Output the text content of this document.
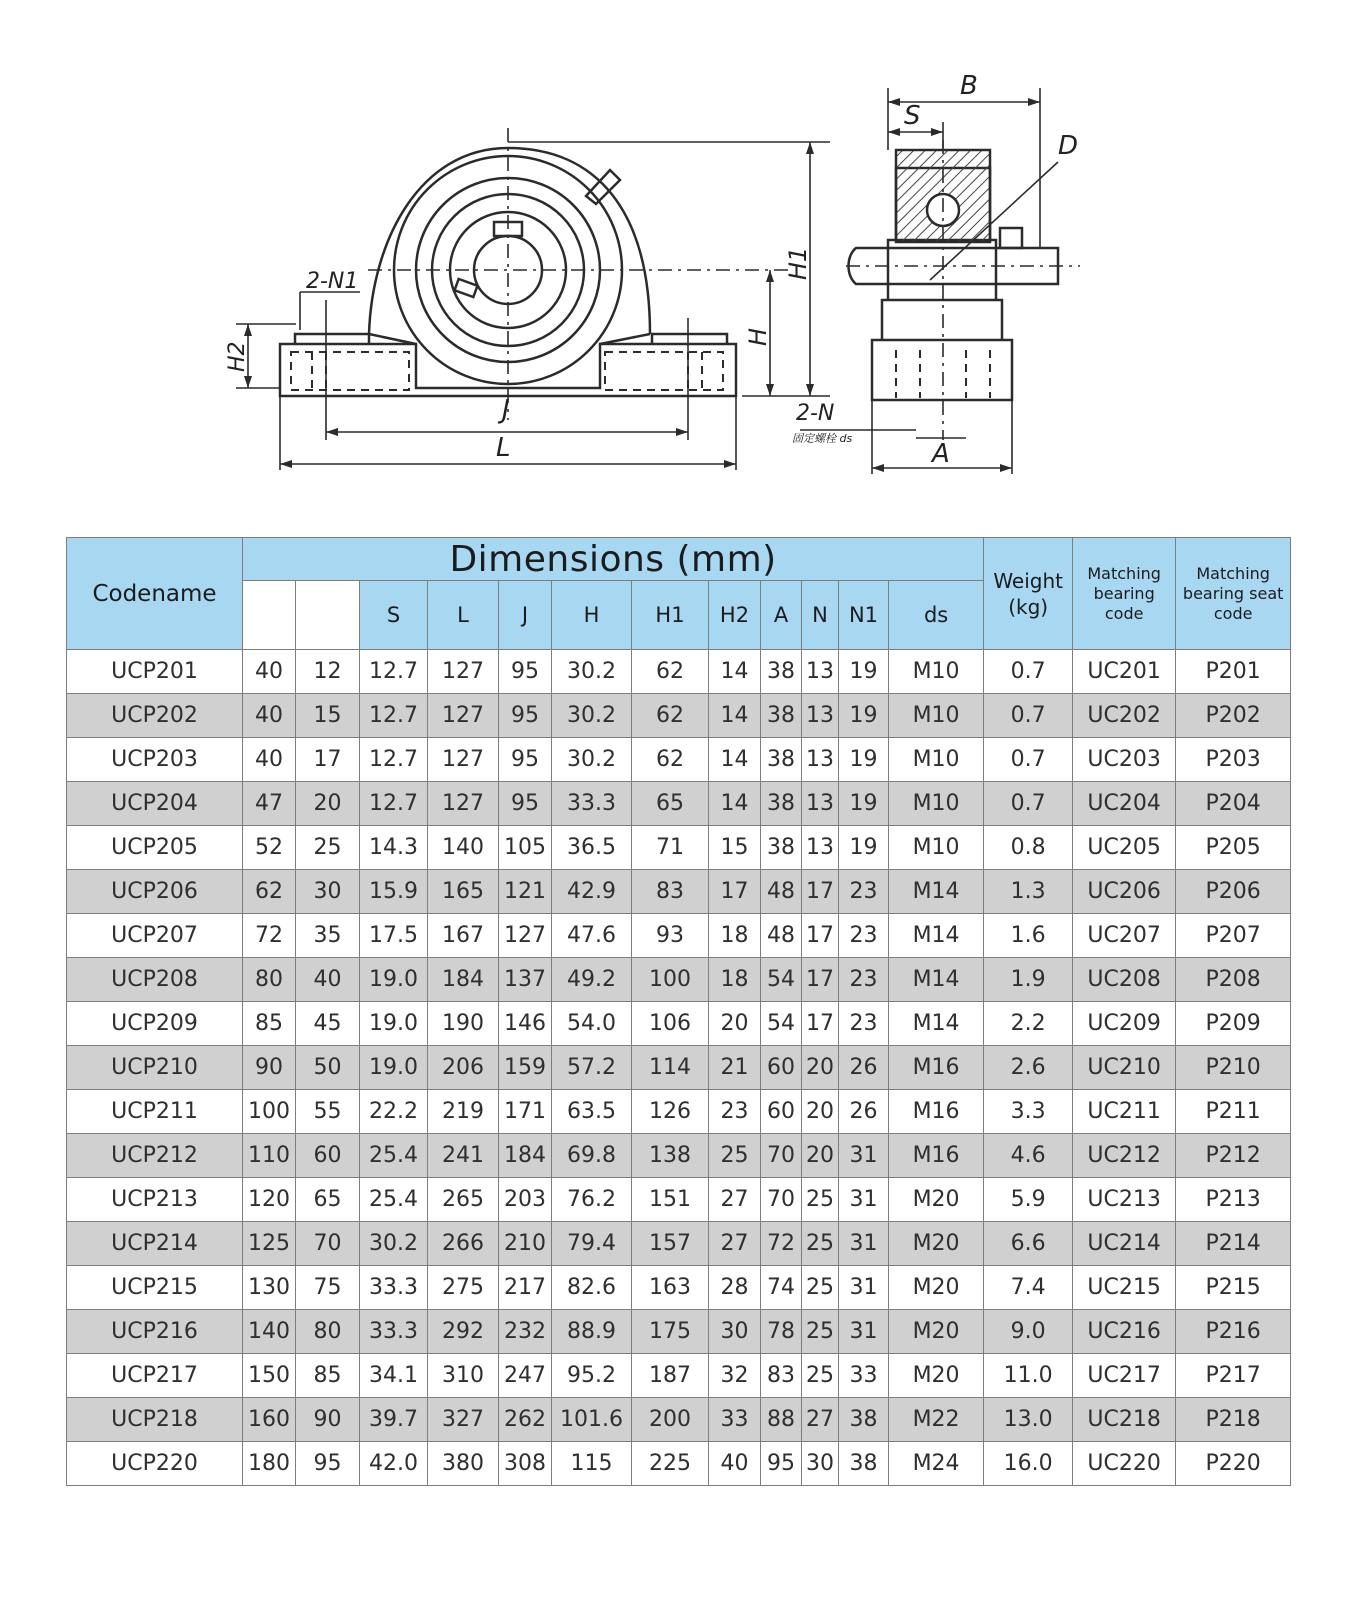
2-N1
H2
H
H1
J
L
B
S
D
2-N
固定螺栓 ds
A
Codename	Dimensions (mm)												Weight
(kg)	Matching bearing code	Matching bearing seat code
			S	L	J	H	H1	H2	A	N	N1	ds			
UCP201	40	12	12.7	127	95	30.2	62	14	38	13	19	M10	0.7	UC201	P201
UCP202	40	15	12.7	127	95	30.2	62	14	38	13	19	M10	0.7	UC202	P202
UCP203	40	17	12.7	127	95	30.2	62	14	38	13	19	M10	0.7	UC203	P203
UCP204	47	20	12.7	127	95	33.3	65	14	38	13	19	M10	0.7	UC204	P204
UCP205	52	25	14.3	140	105	36.5	71	15	38	13	19	M10	0.8	UC205	P205
UCP206	62	30	15.9	165	121	42.9	83	17	48	17	23	M14	1.3	UC206	P206
UCP207	72	35	17.5	167	127	47.6	93	18	48	17	23	M14	1.6	UC207	P207
UCP208	80	40	19.0	184	137	49.2	100	18	54	17	23	M14	1.9	UC208	P208
UCP209	85	45	19.0	190	146	54.0	106	20	54	17	23	M14	2.2	UC209	P209
UCP210	90	50	19.0	206	159	57.2	114	21	60	20	26	M16	2.6	UC210	P210
UCP211	100	55	22.2	219	171	63.5	126	23	60	20	26	M16	3.3	UC211	P211
UCP212	110	60	25.4	241	184	69.8	138	25	70	20	31	M16	4.6	UC212	P212
UCP213	120	65	25.4	265	203	76.2	151	27	70	25	31	M20	5.9	UC213	P213
UCP214	125	70	30.2	266	210	79.4	157	27	72	25	31	M20	6.6	UC214	P214
UCP215	130	75	33.3	275	217	82.6	163	28	74	25	31	M20	7.4	UC215	P215
UCP216	140	80	33.3	292	232	88.9	175	30	78	25	31	M20	9.0	UC216	P216
UCP217	150	85	34.1	310	247	95.2	187	32	83	25	33	M20	11.0	UC217	P217
UCP218	160	90	39.7	327	262	101.6	200	33	88	27	38	M22	13.0	UC218	P218
UCP220	180	95	42.0	380	308	115	225	40	95	30	38	M24	16.0	UC220	P220
